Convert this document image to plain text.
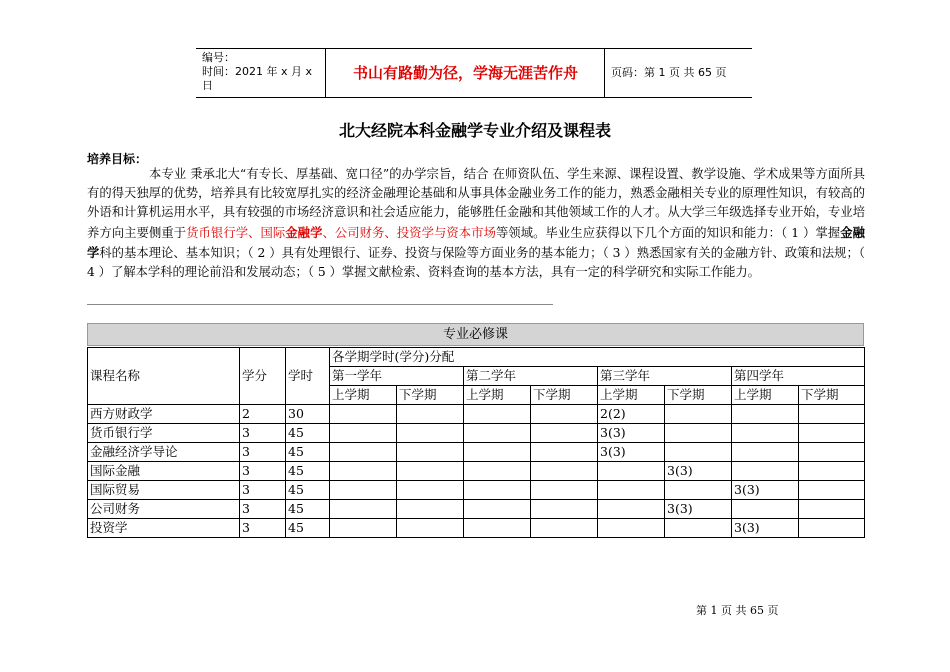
编号：
时间：2021 年 x 月 x 日
书山有路勤为径，学海无涯苦作舟	页码：第 1 页 共 65 页
北大经院本科金融学专业介绍及课程表
培养目标：
本专业 秉承北大“有专长、厚基础、宽口径”的办学宗旨，结合 在师资队伍、学生来源、课程设置、教学设施、学术成果等方面所具有的得天独厚的优势，培养具有比较宽厚扎实的经济金融理论基础和从事具体金融业务工作的能力，熟悉金融相关专业的原理性知识，有较高的外语和计算机运用水平，具有较强的市场经济意识和社会适应能力，能够胜任金融和其他领域工作的人才。从大学三年级选择专业开始，专业培养方向主要侧重于货币银行学、国际金融学、公司财务、投资学与资本市场等领域。毕业生应获得以下几个方面的知识和能力：（ 1 ）掌握金融学科的基本理论、基本知识；（ 2 ）具有处理银行、证券、投资与保险等方面业务的基本能力；（ 3 ）熟悉国家有关的金融方针、政策和法规；（ 4 ）了解本学科的理论前沿和发展动态；（ 5 ）掌握文献检索、资料查询的基本方法，具有一定的科学研究和实际工作能力。
专业必修课
课程名称	学分	学时	各学期学时(学分)分配							
			第一学年		第二学年		第三学年		第四学年	
			上学期	下学期	上学期	下学期	上学期	下学期	上学期	下学期
西方财政学	2	30					2(2)			
货币银行学	3	45					3(3)			
金融经济学导论	3	45					3(3)			
国际金融	3	45						3(3)		
国际贸易	3	45							3(3)	
公司财务	3	45						3(3)		
投资学	3	45							3(3)	
第 1 页 共 65 页
